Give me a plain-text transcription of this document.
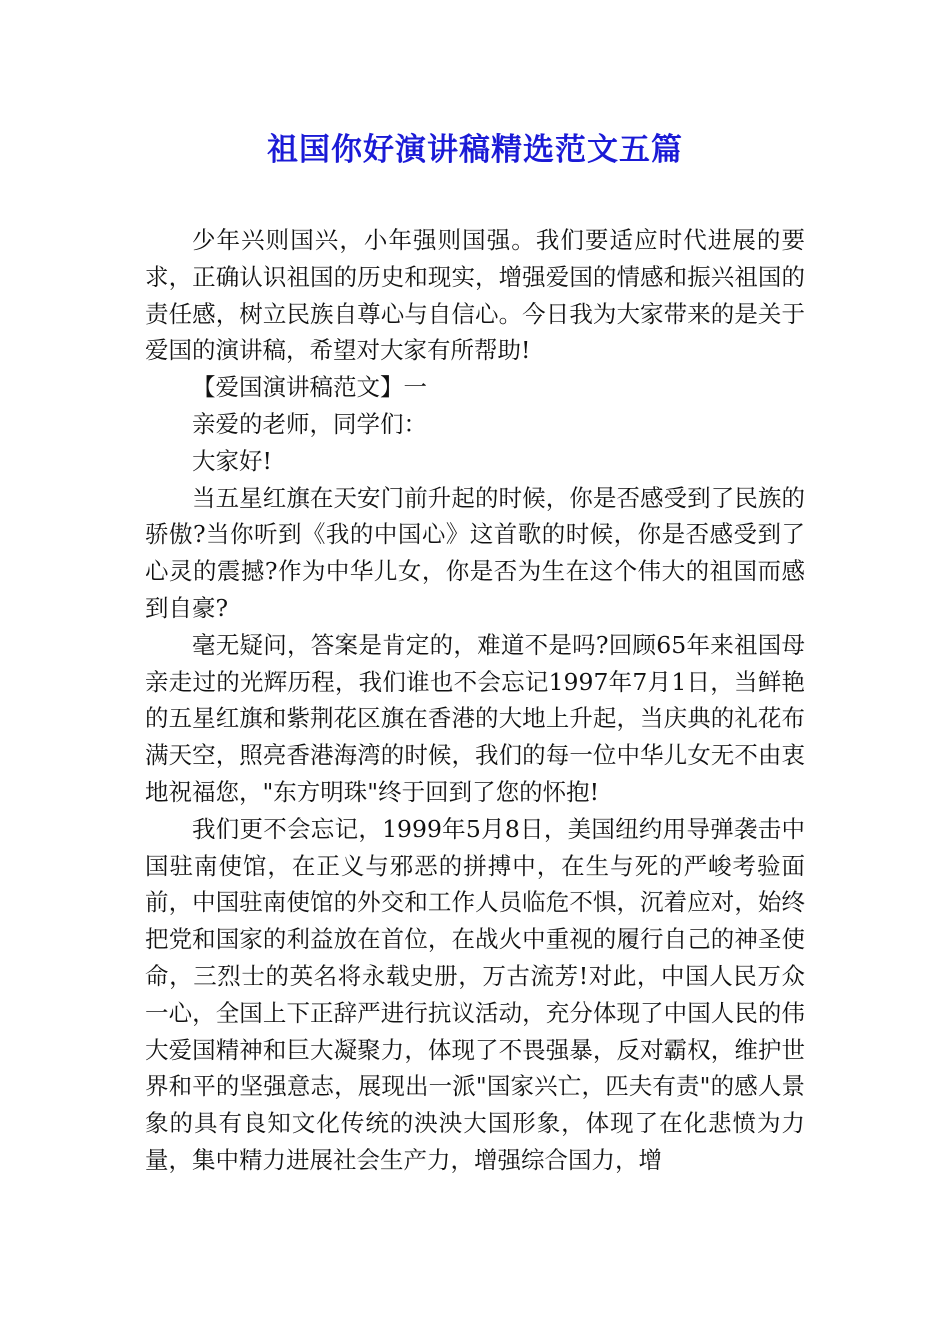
祖国你好演讲稿精选范文五篇

少年兴则国兴，小年强则国强。我们要适应时代进展的要求，正确认识祖国的历史和现实，增强爱国的情感和振兴祖国的责任感，树立民族自尊心与自信心。今日我为大家带来的是关于爱国的演讲稿，希望对大家有所帮助!

【爱国演讲稿范文】一

亲爱的老师，同学们：

大家好!

当五星红旗在天安门前升起的时候，你是否感受到了民族的骄傲?当你听到《我的中国心》这首歌的时候，你是否感受到了心灵的震撼?作为中华儿女，你是否为生在这个伟大的祖国而感到自豪?

毫无疑问，答案是肯定的，难道不是吗?回顾65年来祖国母亲走过的光辉历程，我们谁也不会忘记1997年7月1日，当鲜艳的五星红旗和紫荆花区旗在香港的大地上升起，当庆典的礼花布满天空，照亮香港海湾的时候，我们的每一位中华儿女无不由衷地祝福您，"东方明珠"终于回到了您的怀抱!

我们更不会忘记，1999年5月8日，美国纽约用导弹袭击中国驻南使馆，在正义与邪恶的拼搏中，在生与死的严峻考验面前，中国驻南使馆的外交和工作人员临危不惧，沉着应对，始终把党和国家的利益放在首位，在战火中重视的履行自己的神圣使命，三烈士的英名将永载史册，万古流芳!对此，中国人民万众一心，全国上下正辞严进行抗议活动，充分体现了中国人民的伟大爱国精神和巨大凝聚力，体现了不畏强暴，反对霸权，维护世界和平的坚强意志，展现出一派"国家兴亡，匹夫有责"的感人景象的具有良知文化传统的泱泱大国形象，体现了在化悲愤为力量，集中精力进展社会生产力，增强综合国力，增
